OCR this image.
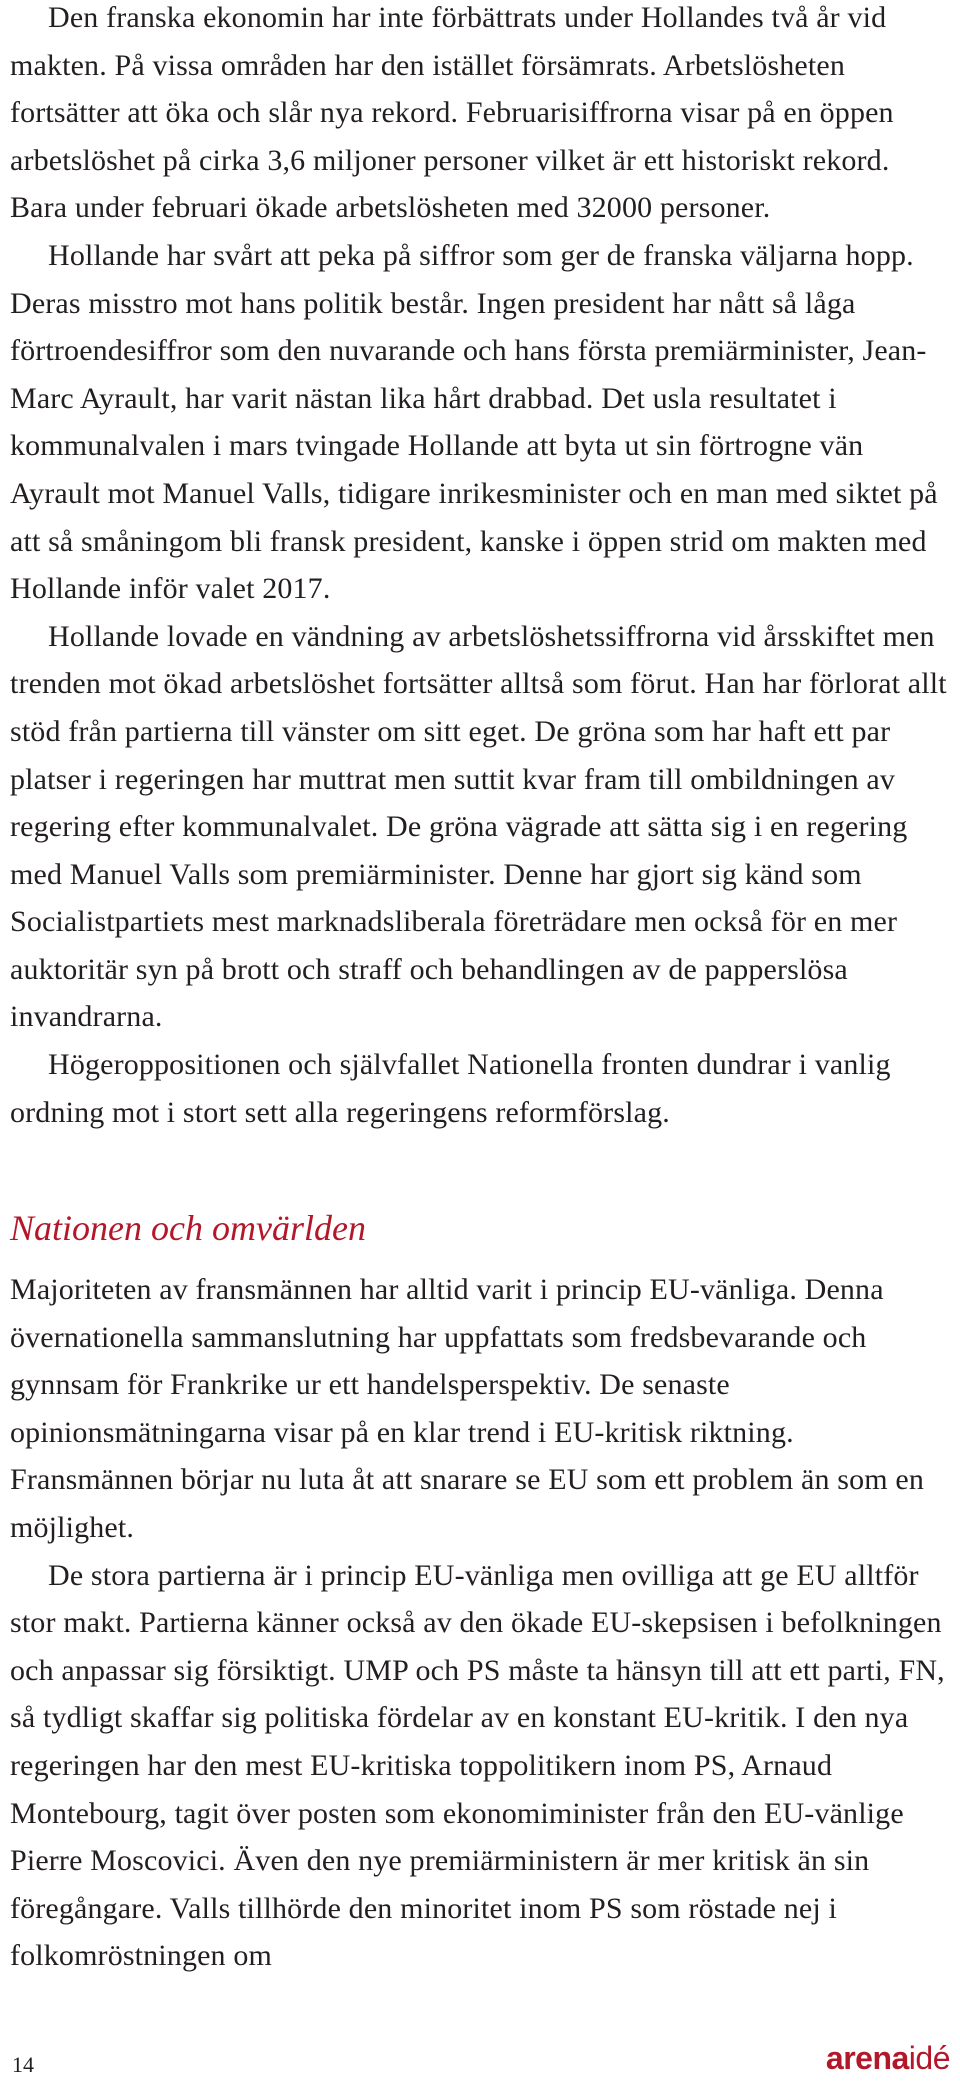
Den franska ekonomin har inte förbättrats under Hollandes två år vid makten. På vissa områden har den istället försämrats. Arbetslösheten fortsätter att öka och slår nya rekord. Februarisiffrorna visar på en öppen arbetslöshet på cirka 3,6 miljoner personer vilket är ett historiskt rekord. Bara under februari ökade arbetslösheten med 32000 personer.

Hollande har svårt att peka på siffror som ger de franska väljarna hopp. Deras misstro mot hans politik består. Ingen president har nått så låga förtroendesiffror som den nuvarande och hans första premiärminister, Jean-Marc Ayrault, har varit nästan lika hårt drabbad. Det usla resultatet i kommunalvalen i mars tvingade Hollande att byta ut sin förtrogne vän Ayrault mot Manuel Valls, tidigare inrikesminister och en man med siktet på att så småningom bli fransk president, kanske i öppen strid om makten med Hollande inför valet 2017.

Hollande lovade en vändning av arbetslöshetssiffrorna vid årsskiftet men trenden mot ökad arbetslöshet fortsätter alltså som förut. Han har förlorat allt stöd från partierna till vänster om sitt eget. De gröna som har haft ett par platser i regeringen har muttrat men suttit kvar fram till ombildningen av regering efter kommunalvalet. De gröna vägrade att sätta sig i en regering med Manuel Valls som premiärminister. Denne har gjort sig känd som Socialistpartiets mest marknadsliberala företrädare men också för en mer auktoritär syn på brott och straff och behandlingen av de papperslösa invandrarna.

Högeroppositionen och självfallet Nationella fronten dundrar i vanlig ordning mot i stort sett alla regeringens reformförslag.

Nationen och omvärlden

Majoriteten av fransmännen har alltid varit i princip EU-vänliga. Denna övernationella sammanslutning har uppfattats som fredsbevarande och gynnsam för Frankrike ur ett handelsperspektiv. De senaste opinionsmätningarna visar på en klar trend i EU-kritisk riktning. Fransmännen börjar nu luta åt att snarare se EU som ett problem än som en möjlighet.

De stora partierna är i princip EU-vänliga men ovilliga att ge EU alltför stor makt. Partierna känner också av den ökade EU-skepsisen i befolkningen och anpassar sig försiktigt. UMP och PS måste ta hänsyn till att ett parti, FN, så tydligt skaffar sig politiska fördelar av en konstant EU-kritik. I den nya regeringen har den mest EU-kritiska toppolitikern inom PS, Arnaud Montebourg, tagit över posten som ekonomiminister från den EU-vänlige Pierre Moscovici. Även den nye premiärministern är mer kritisk än sin föregångare. Valls tillhörde den minoritet inom PS som röstade nej i folkomröstningen om

14	arenaidé
